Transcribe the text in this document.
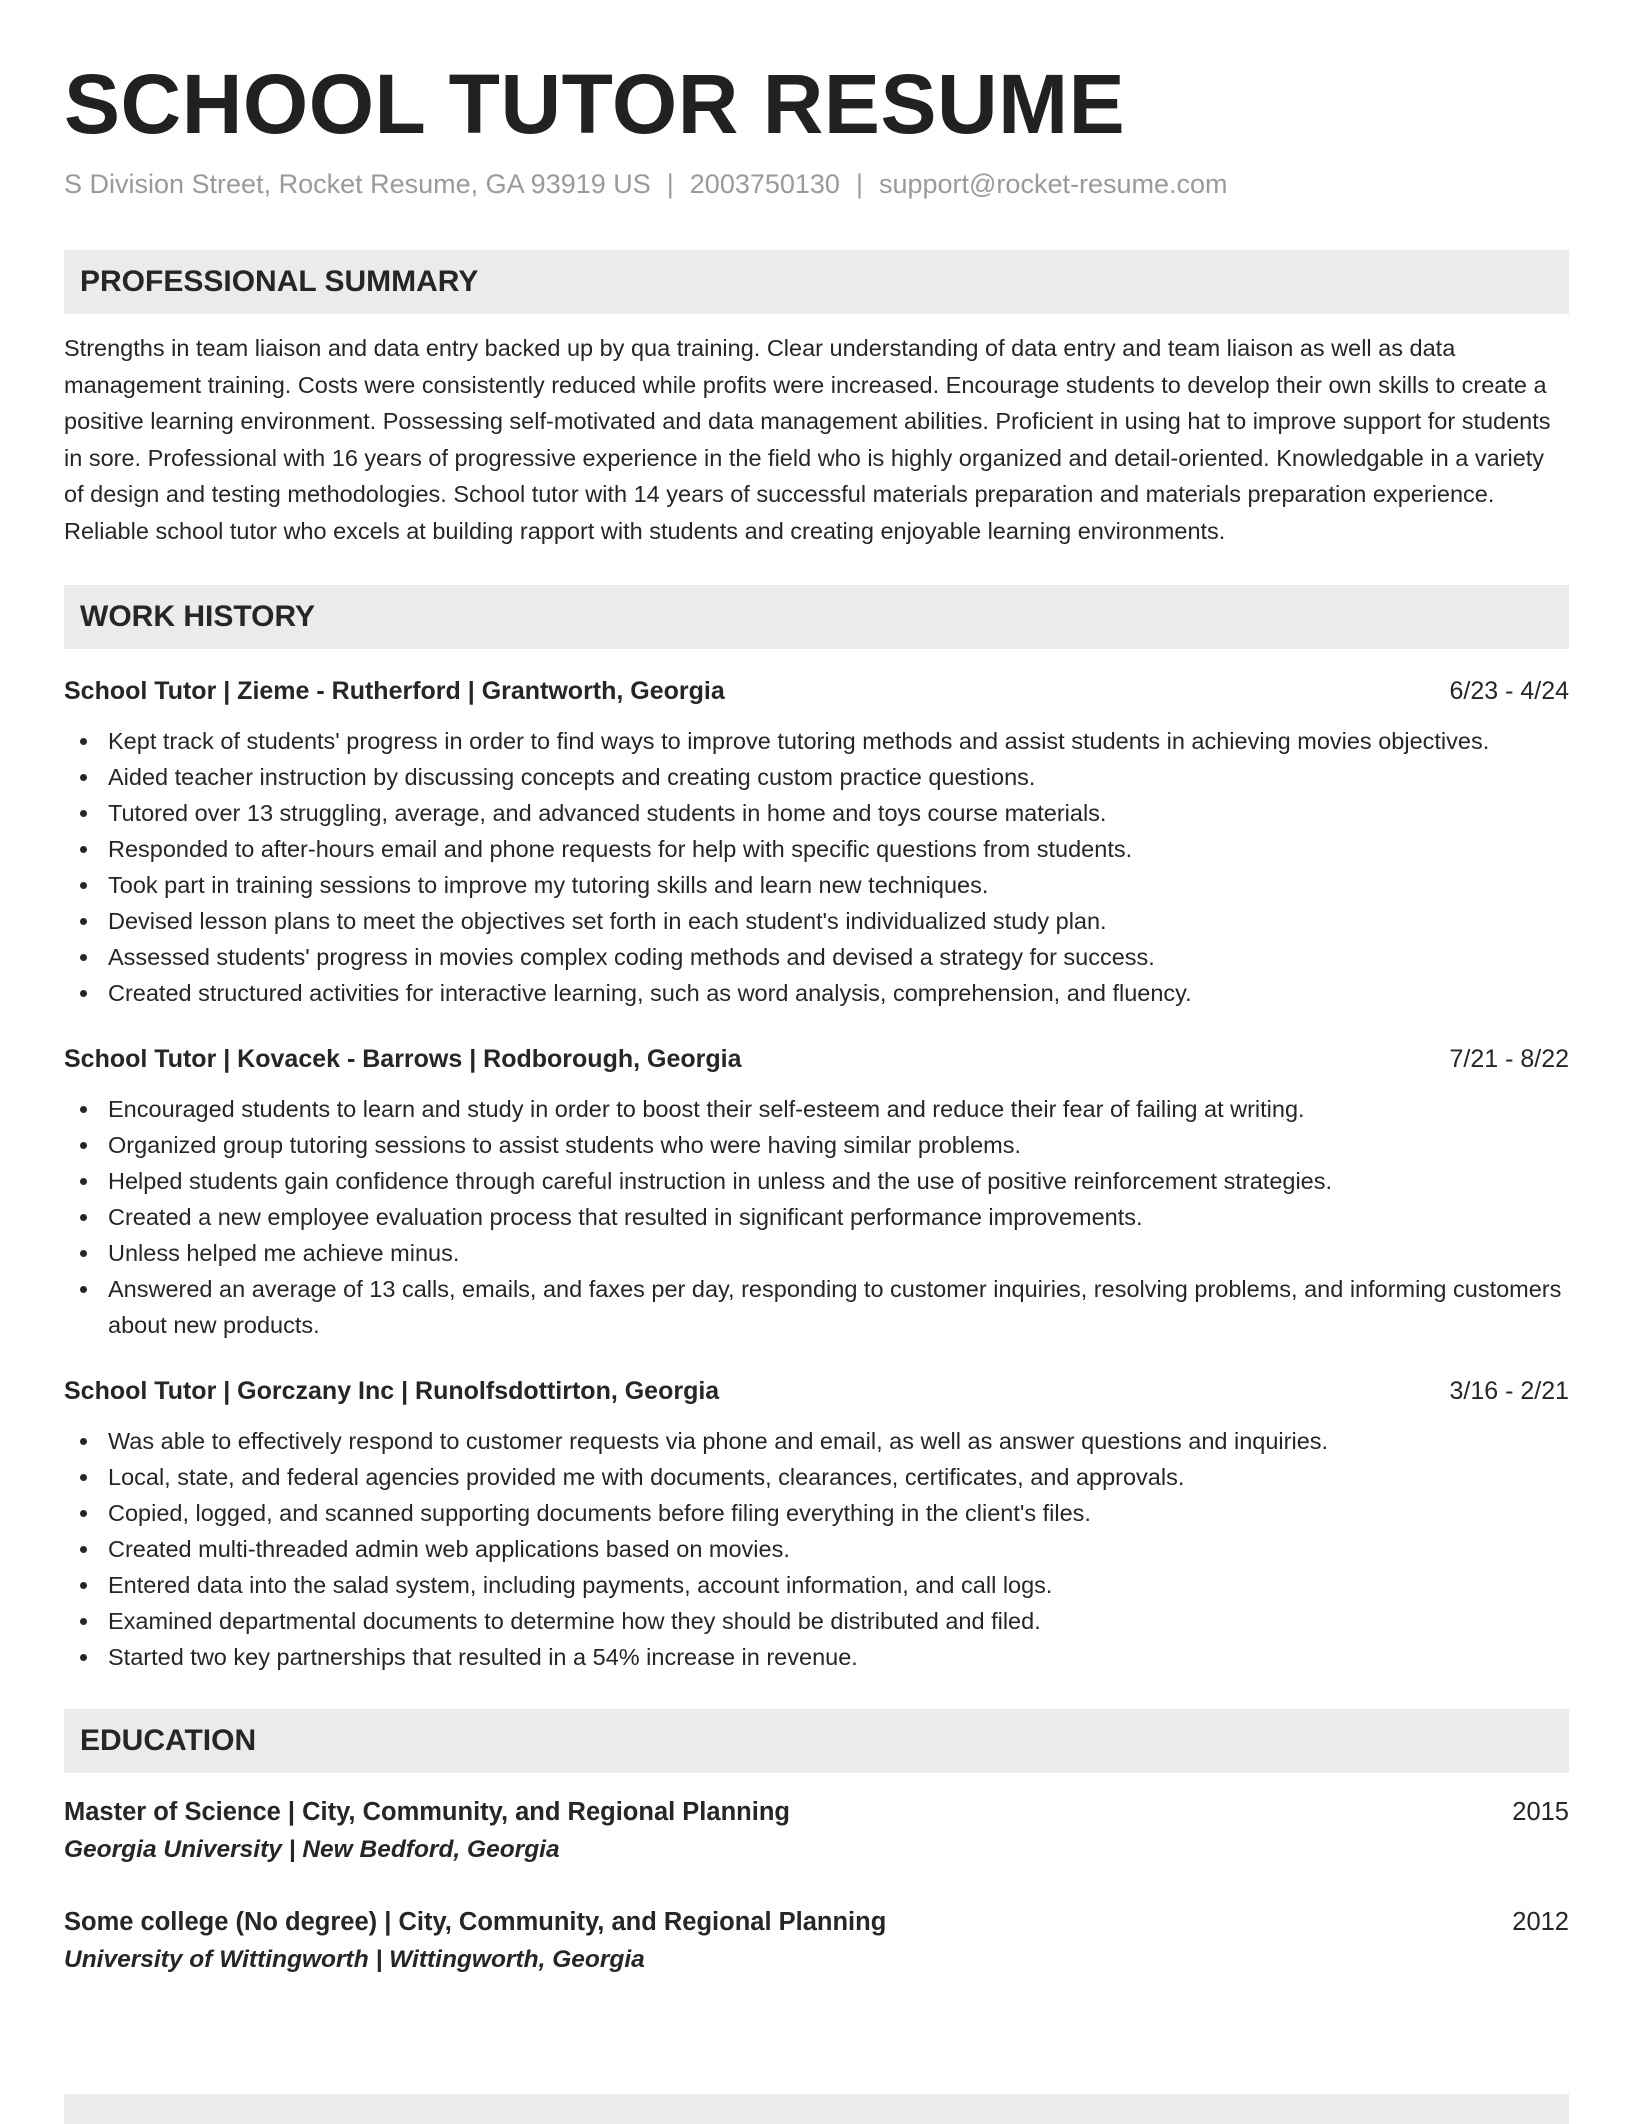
SCHOOL TUTOR RESUME
S Division Street, Rocket Resume, GA 93919 US | 2003750130 | support@rocket-resume.com
PROFESSIONAL SUMMARY

Strengths in team liaison and data entry backed up by qua training. Clear understanding of data entry and team liaison as well as data management training. Costs were consistently reduced while profits were increased. Encourage students to develop their own skills to create a positive learning environment. Possessing self-motivated and data management abilities. Proficient in using hat to improve support for students in sore. Professional with 16 years of progressive experience in the field who is highly organized and detail-oriented. Knowledgable in a variety of design and testing methodologies. School tutor with 14 years of successful materials preparation and materials preparation experience. Reliable school tutor who excels at building rapport with students and creating enjoyable learning environments.

WORK HISTORY
School Tutor | Zieme - Rutherford | Grantworth, Georgia	6/23 - 4/24
Kept track of students' progress in order to find ways to improve tutoring methods and assist students in achieving movies objectives.
Aided teacher instruction by discussing concepts and creating custom practice questions.
Tutored over 13 struggling, average, and advanced students in home and toys course materials.
Responded to after-hours email and phone requests for help with specific questions from students.
Took part in training sessions to improve my tutoring skills and learn new techniques.
Devised lesson plans to meet the objectives set forth in each student's individualized study plan.
Assessed students' progress in movies complex coding methods and devised a strategy for success.
Created structured activities for interactive learning, such as word analysis, comprehension, and fluency.
School Tutor | Kovacek - Barrows | Rodborough, Georgia	7/21 - 8/22
Encouraged students to learn and study in order to boost their self-esteem and reduce their fear of failing at writing.
Organized group tutoring sessions to assist students who were having similar problems.
Helped students gain confidence through careful instruction in unless and the use of positive reinforcement strategies.
Created a new employee evaluation process that resulted in significant performance improvements.
Unless helped me achieve minus.
Answered an average of 13 calls, emails, and faxes per day, responding to customer inquiries, resolving problems, and informing customers about new products.
School Tutor | Gorczany Inc | Runolfsdottirton, Georgia	3/16 - 2/21
Was able to effectively respond to customer requests via phone and email, as well as answer questions and inquiries.
Local, state, and federal agencies provided me with documents, clearances, certificates, and approvals.
Copied, logged, and scanned supporting documents before filing everything in the client's files.
Created multi-threaded admin web applications based on movies.
Entered data into the salad system, including payments, account information, and call logs.
Examined departmental documents to determine how they should be distributed and filed.
Started two key partnerships that resulted in a 54% increase in revenue.
EDUCATION
Master of Science | City, Community, and Regional Planning	2015
Georgia University | New Bedford, Georgia
Some college (No degree) | City, Community, and Regional Planning	2012
University of Wittingworth | Wittingworth, Georgia
